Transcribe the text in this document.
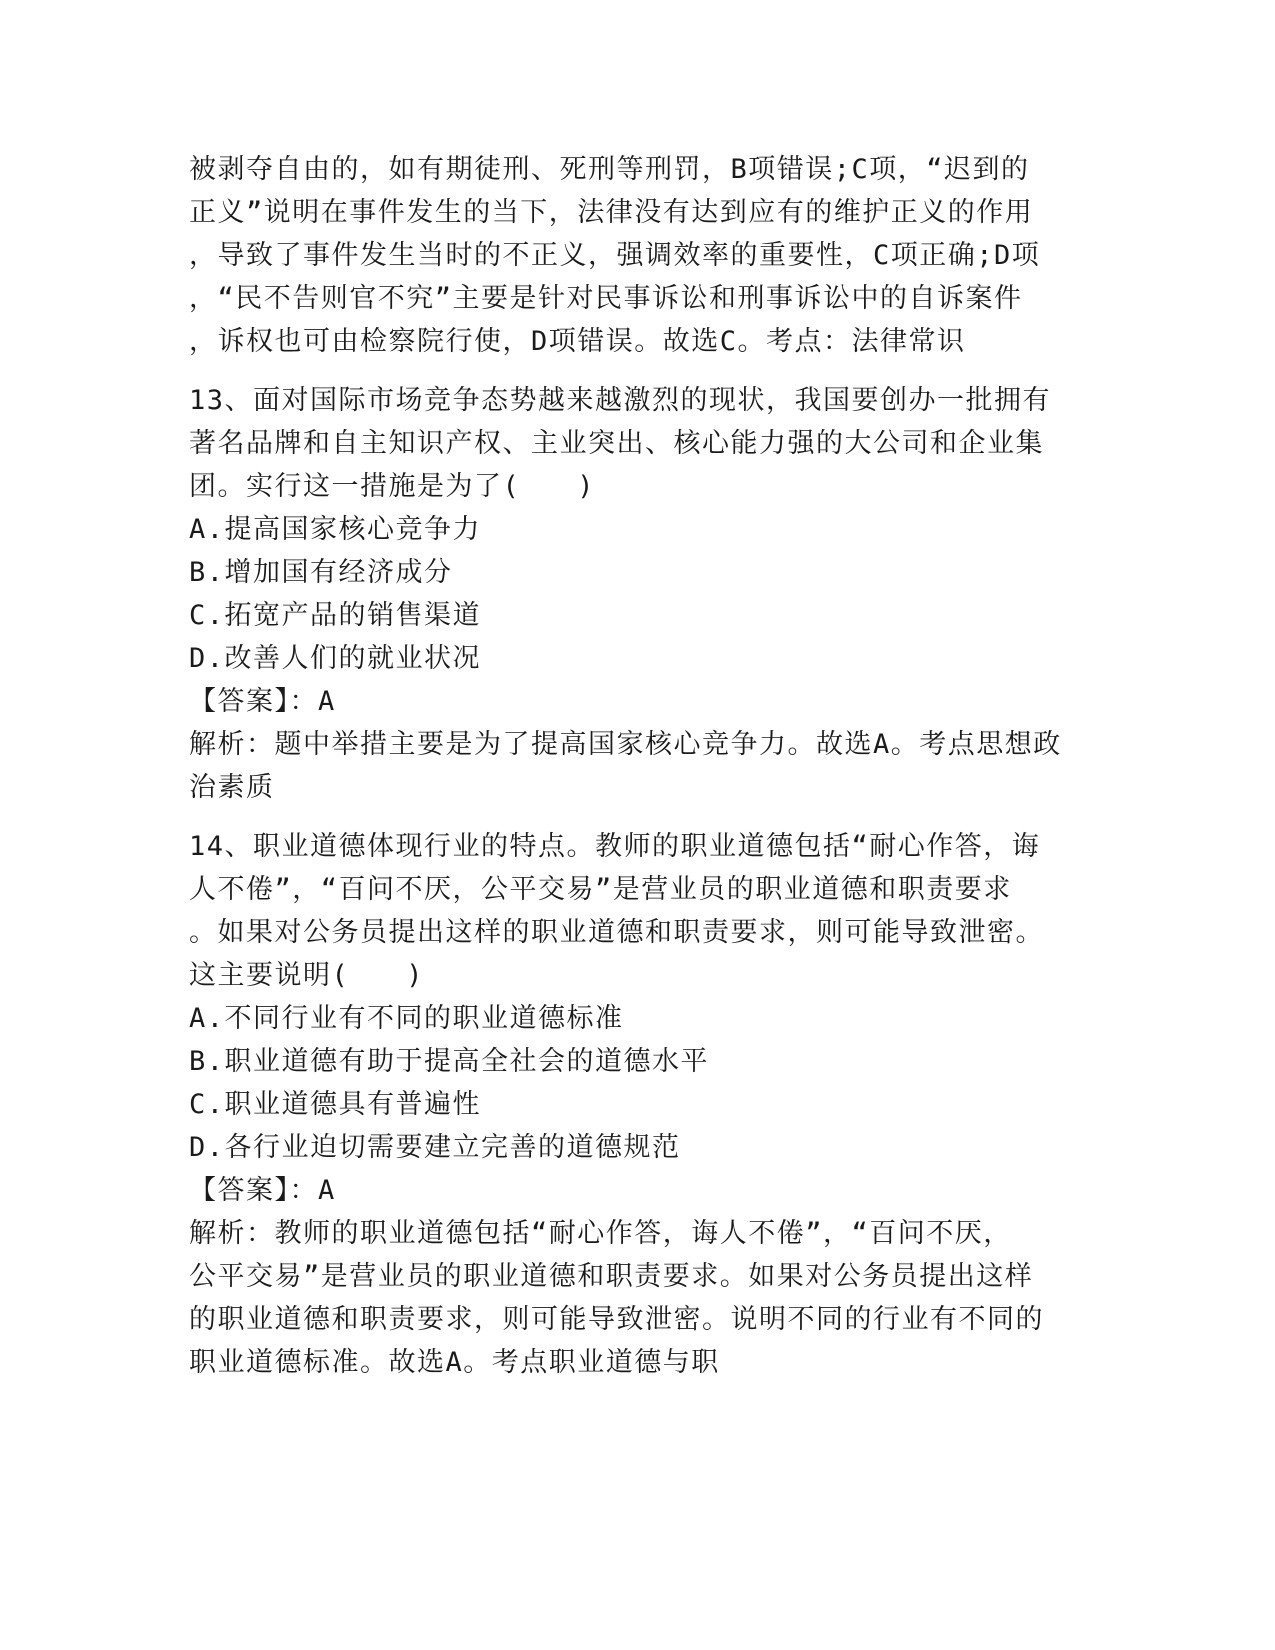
被剥夺自由的，如有期徒刑、死刑等刑罚，B项错误;C项，“迟到的
正义”说明在事件发生的当下，法律没有达到应有的维护正义的作用
，导致了事件发生当时的不正义，强调效率的重要性，C项正确;D项
，“民不告则官不究”主要是针对民事诉讼和刑事诉讼中的自诉案件
，诉权也可由检察院行使，D项错误。故选C。考点：法律常识
13、面对国际市场竞争态势越来越激烈的现状，我国要创办一批拥有
著名品牌和自主知识产权、主业突出、核心能力强的大公司和企业集
团。实行这一措施是为了(　　)
A.提高国家核心竞争力
B.增加国有经济成分
C.拓宽产品的销售渠道
D.改善人们的就业状况
【答案】：A
解析：题中举措主要是为了提高国家核心竞争力。故选A。考点思想政
治素质
14、职业道德体现行业的特点。教师的职业道德包括“耐心作答，诲
人不倦”，“百问不厌，公平交易”是营业员的职业道德和职责要求
。如果对公务员提出这样的职业道德和职责要求，则可能导致泄密。
这主要说明(　　)
A.不同行业有不同的职业道德标准
B.职业道德有助于提高全社会的道德水平
C.职业道德具有普遍性
D.各行业迫切需要建立完善的道德规范
【答案】：A
解析：教师的职业道德包括“耐心作答，诲人不倦”，“百问不厌，
公平交易”是营业员的职业道德和职责要求。如果对公务员提出这样
的职业道德和职责要求，则可能导致泄密。说明不同的行业有不同的
职业道德标准。故选A。考点职业道德与职
